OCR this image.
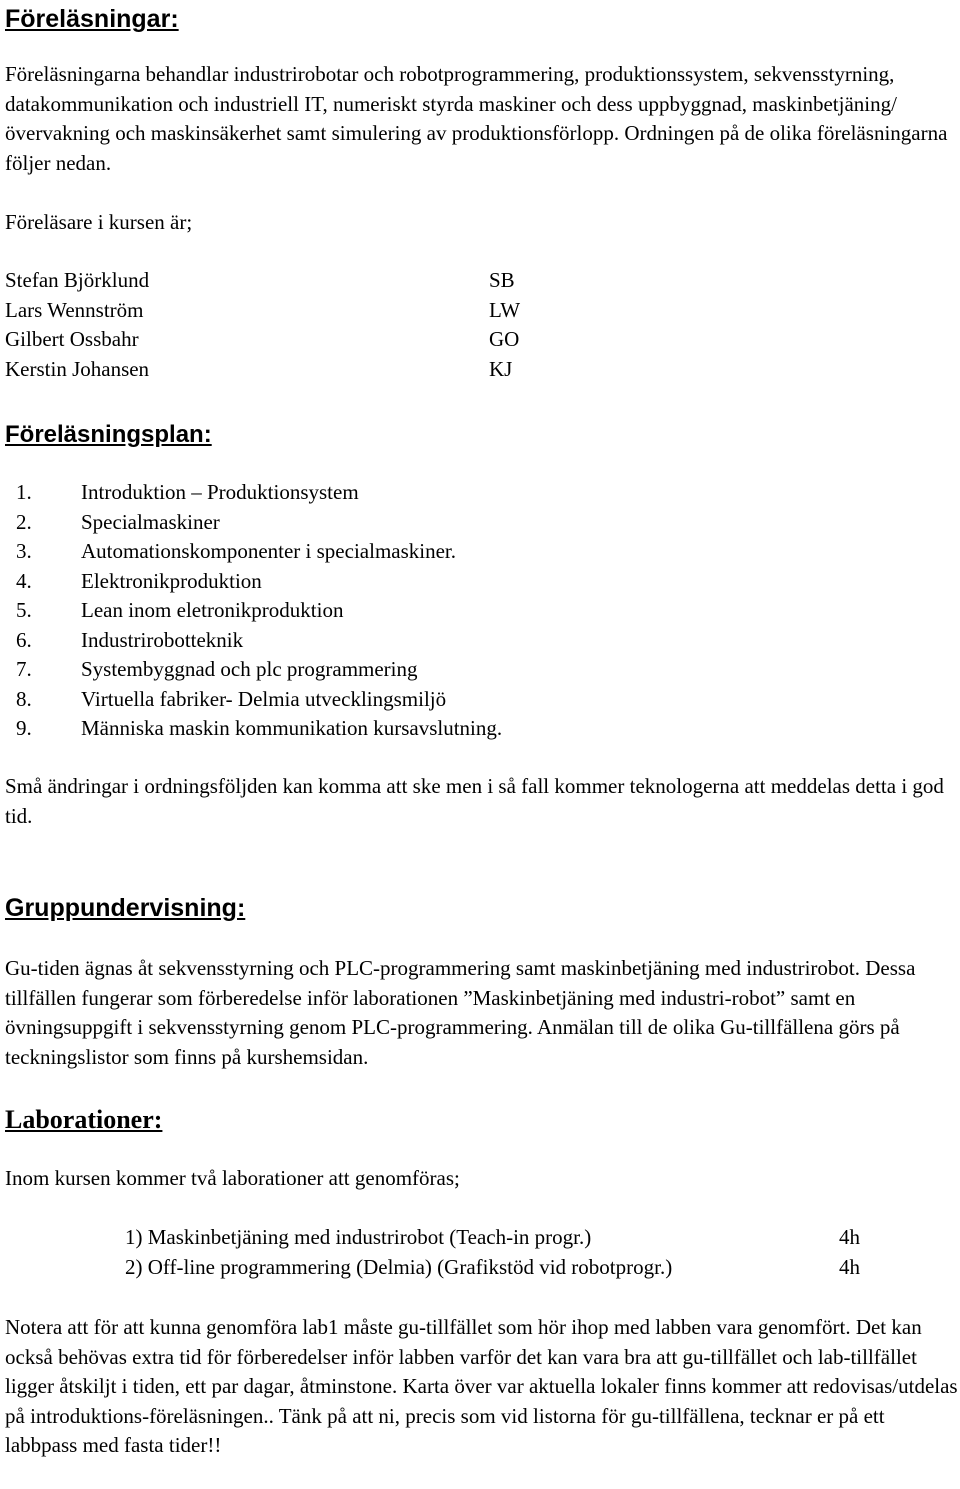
Föreläsningar:

Föreläsningarna behandlar industrirobotar och robotprogrammering, produktionssystem, sekvensstyrning, datakommunikation och industriell IT, numeriskt styrda maskiner och dess uppbyggnad, maskinbetjäning/övervakning och maskinsäkerhet samt simulering av produktionsförlopp. Ordningen på de olika föreläsningarna följer nedan.

Föreläsare i kursen är;

Stefan Björklund	SB
Lars Wennström	LW
Gilbert Ossbahr	GO
Kerstin Johansen	KJ
Föreläsningsplan:
1.	Introduktion – Produktionsystem
2.	Specialmaskiner
3.	Automationskomponenter i specialmaskiner.
4.	Elektronikproduktion
5.	Lean inom eletronikproduktion
6.	Industrirobotteknik
7.	Systembyggnad och plc programmering
8.	Virtuella fabriker- Delmia utvecklingsmiljö
9.	Människa maskin kommunikation kursavslutning.

Små ändringar i ordningsföljden kan komma att ske men i så fall kommer teknologerna att meddelas detta i god tid.

Gruppundervisning:

Gu-tiden ägnas åt sekvensstyrning och PLC-programmering samt maskinbetjäning med industrirobot. Dessa tillfällen fungerar som förberedelse inför laborationen ”Maskinbetjäning med industri-robot” samt en övningsuppgift i sekvensstyrning genom PLC-programmering. Anmälan till de olika Gu-tillfällena görs på teckningslistor som finns på kurshemsidan.

Laborationer:

Inom kursen kommer två laborationer att genomföras;

1) Maskinbetjäning med industrirobot (Teach-in progr.)	4h
2) Off-line programmering (Delmia) (Grafikstöd vid robotprogr.)	4h

Notera att för att kunna genomföra lab1 måste gu-tillfället som hör ihop med labben vara genomfört. Det kan också behövas extra tid för förberedelser inför labben varför det kan vara bra att gu-tillfället och lab-tillfället ligger åtskiljt i tiden, ett par dagar, åtminstone. Karta över var aktuella lokaler finns kommer att redovisas/utdelas på introduktions-föreläsningen.. Tänk på att ni, precis som vid listorna för gu-tillfällena, tecknar er på ett labbpass med fasta tider!!
